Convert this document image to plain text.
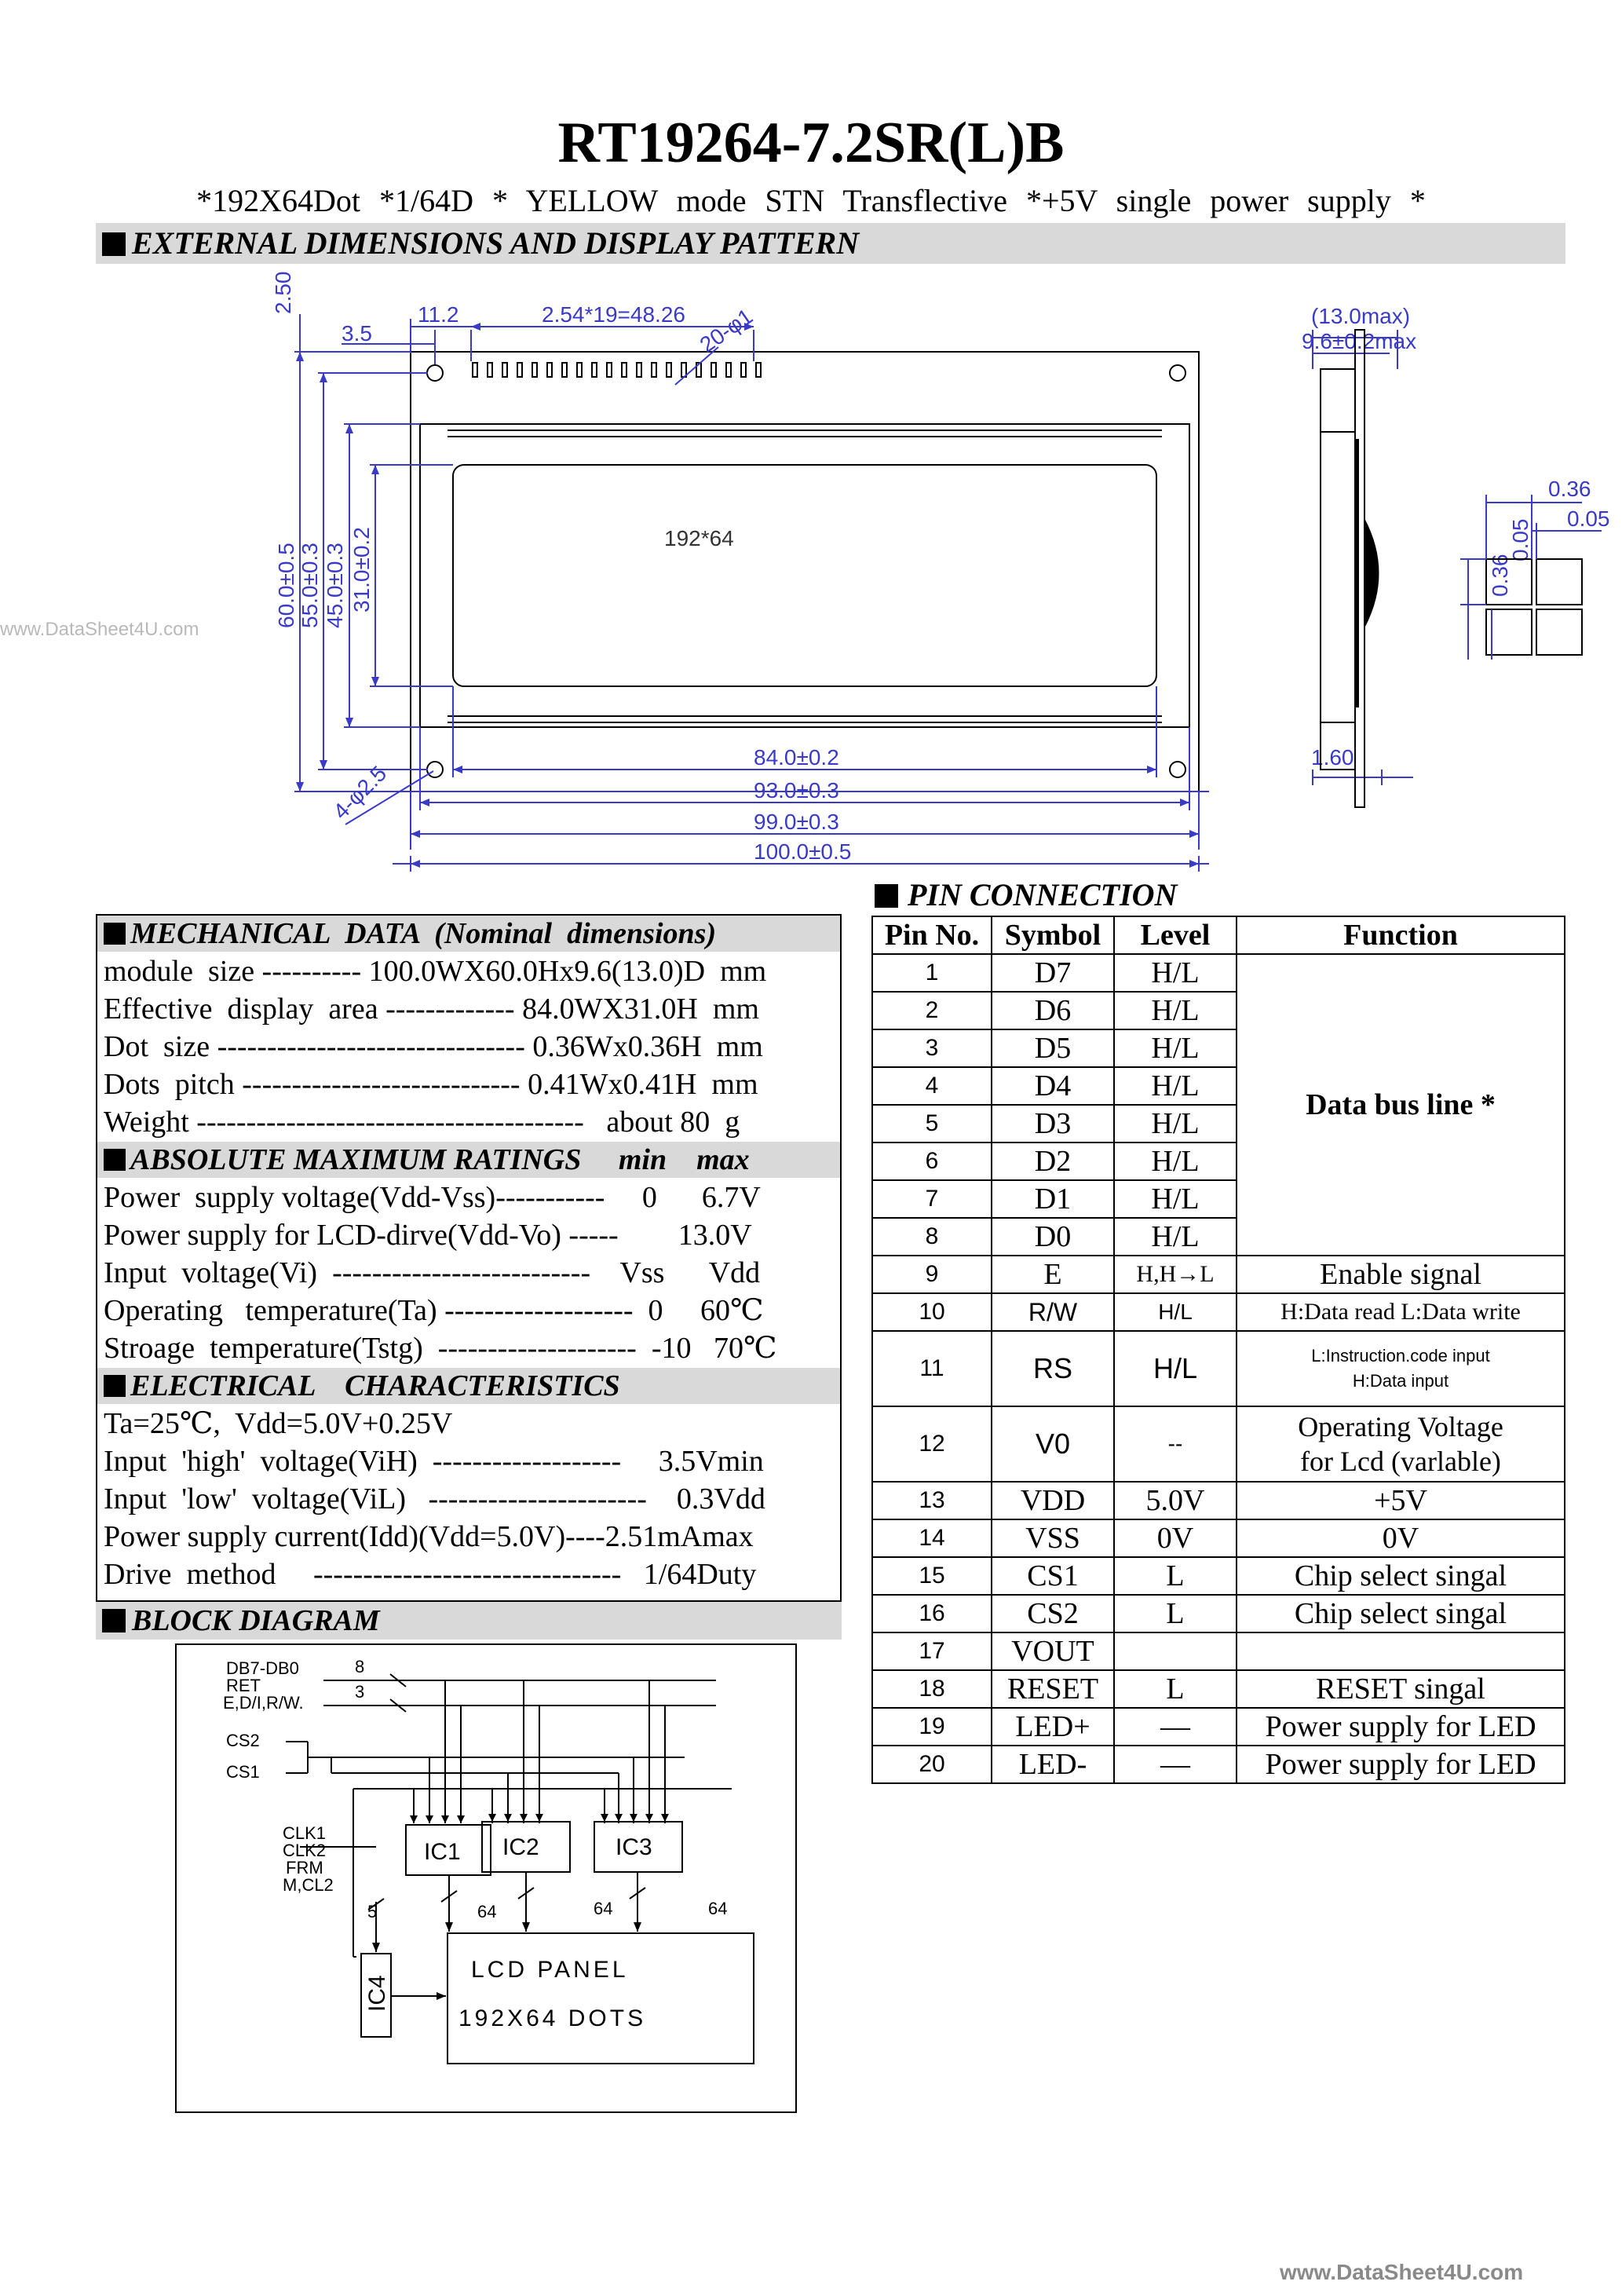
RT19264-7.2SR(L)B
*192X64Dot *1/64D * YELLOW mode STN Transflective *+5V single power supply *
EXTERNAL DIMENSIONS AND DISPLAY PATTERN
www.DataSheet4U.com
2.50
3.5
11.2	2.54*19=48.26 20-φ1	(13.0max)
9.6±0.2max
60.0±0.5 55.0±0.3 45.0±0.3 31.0±0.2
84.0±0.2
93.0±0.3
99.0±0.3
100.0±0.5
4-φ2.5
1.60
0.36
0.05
0.36
0.05
192*64
PIN CONNECTION
MECHANICAL  DATA  (Nominal  dimensions)
module  size ---------- 100.0WX60.0Hx9.6(13.0)D  mm
Effective  display  area ------------- 84.0WX31.0H  mm
Dot  size ------------------------------- 0.36Wx0.36H  mm
Dots  pitch ---------------------------- 0.41Wx0.41H  mm
Weight ---------------------------------------   about 80  g
ABSOLUTE MAXIMUM RATINGS     min    max
Power  supply voltage(Vdd-Vss)-----------     0      6.7V
Power supply for LCD-dirve(Vdd-Vo) -----        13.0V
Input  voltage(Vi)  --------------------------    Vss      Vdd
Operating   temperature(Ta) -------------------  0     60℃
Stroage  temperature(Tstg)  --------------------  -10   70℃
ELECTRICAL    CHARACTERISTICS
Ta=25℃,  Vdd=5.0V+0.25V
Input  'high'  voltage(ViH)  -------------------     3.5Vmin
Input  'low'  voltage(ViL)   ----------------------    0.3Vdd
Power supply current(Idd)(Vdd=5.0V)----2.51mAmax
Drive  method     -------------------------------   1/64Duty
BLOCK DIAGRAM
Pin No.	Symbol	Level	Function
1	D7	H/L	Data bus line *
2	D6	H/L	
3	D5	H/L	
4	D4	H/L	
5	D3	H/L	
6	D2	H/L	
7	D1	H/L	
8	D0	H/L	
9	E	H,H→L	Enable signal
10	R/W	H/L	H:Data read L:Data write
11	RS	H/L	L:Instruction.code input
H:Data input

12	V0	--	Operating Voltage
for Lcd (varlable)

13	VDD	5.0V	+5V
14	VSS	0V	0V
15	CS1	L	Chip select singal
16	CS2	L	Chip select singal
17	VOUT		
18	RESET	L	RESET singal
19	LED+	—	Power supply for LED
20	LED-	—	Power supply for LED
DB7-DB0
RET
E,D/I,R/W.
8
3
CS2
CS1
CLK1
CLK2
FRM
M,CL2
5	64	64	64
IC1 IC2	IC3
IC4
LCD PANEL
192X64 DOTS
www.DataSheet4U.com
